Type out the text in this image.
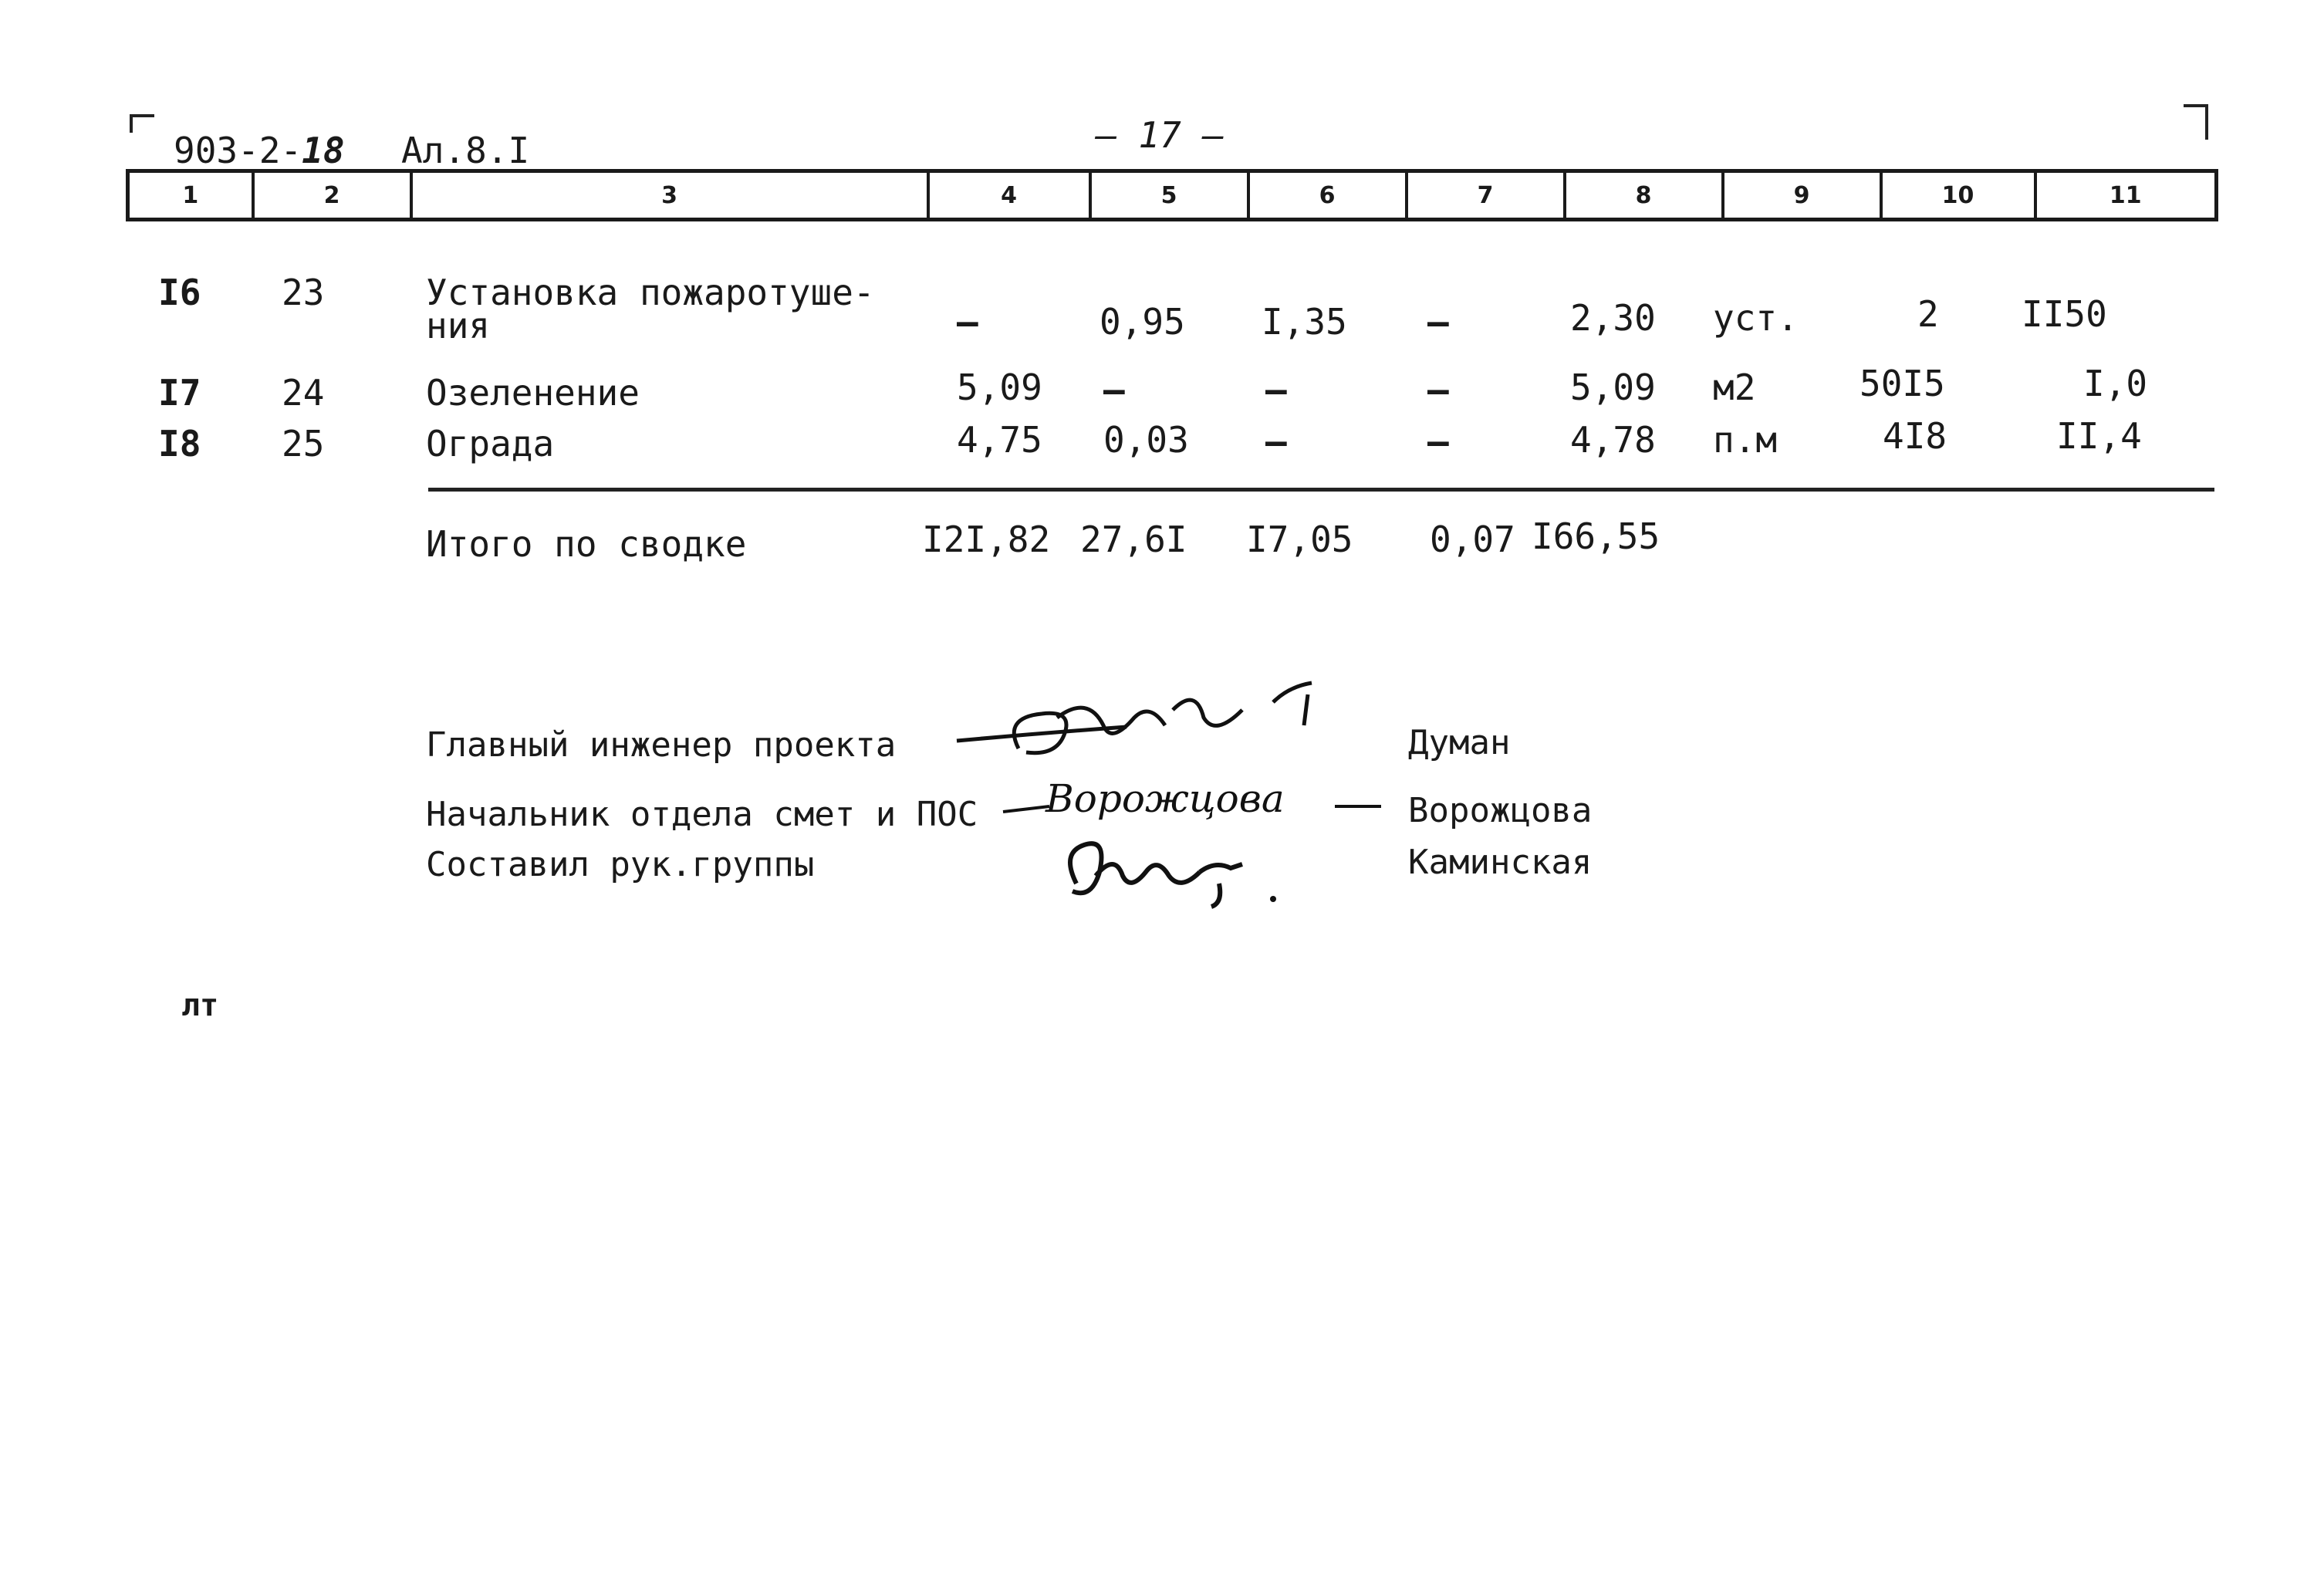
903-2-18 Ал.8.I	— 17 —
1	2	3	4	5	6	7	8	9	10	11
I6 23	Установка пожаротуше-
ния	–	0,95 I,35 –	2,30 уст.	2 II50
I7 24	Озеленение	5,09 –	–	–	5,09 м2	50I5	I,0
I8 25	Ограда	4,75 0,03 –	–	4,78 п.м	4I8	II,4
Итого по сводке	I2I,82 27,6I I7,05 0,07 I66,55
Главный инженер проекта	Думан
Начальник отдела смет и ПОС	Ворожцова
Составил рук.группы	Каминская
Ворожцова
лт
